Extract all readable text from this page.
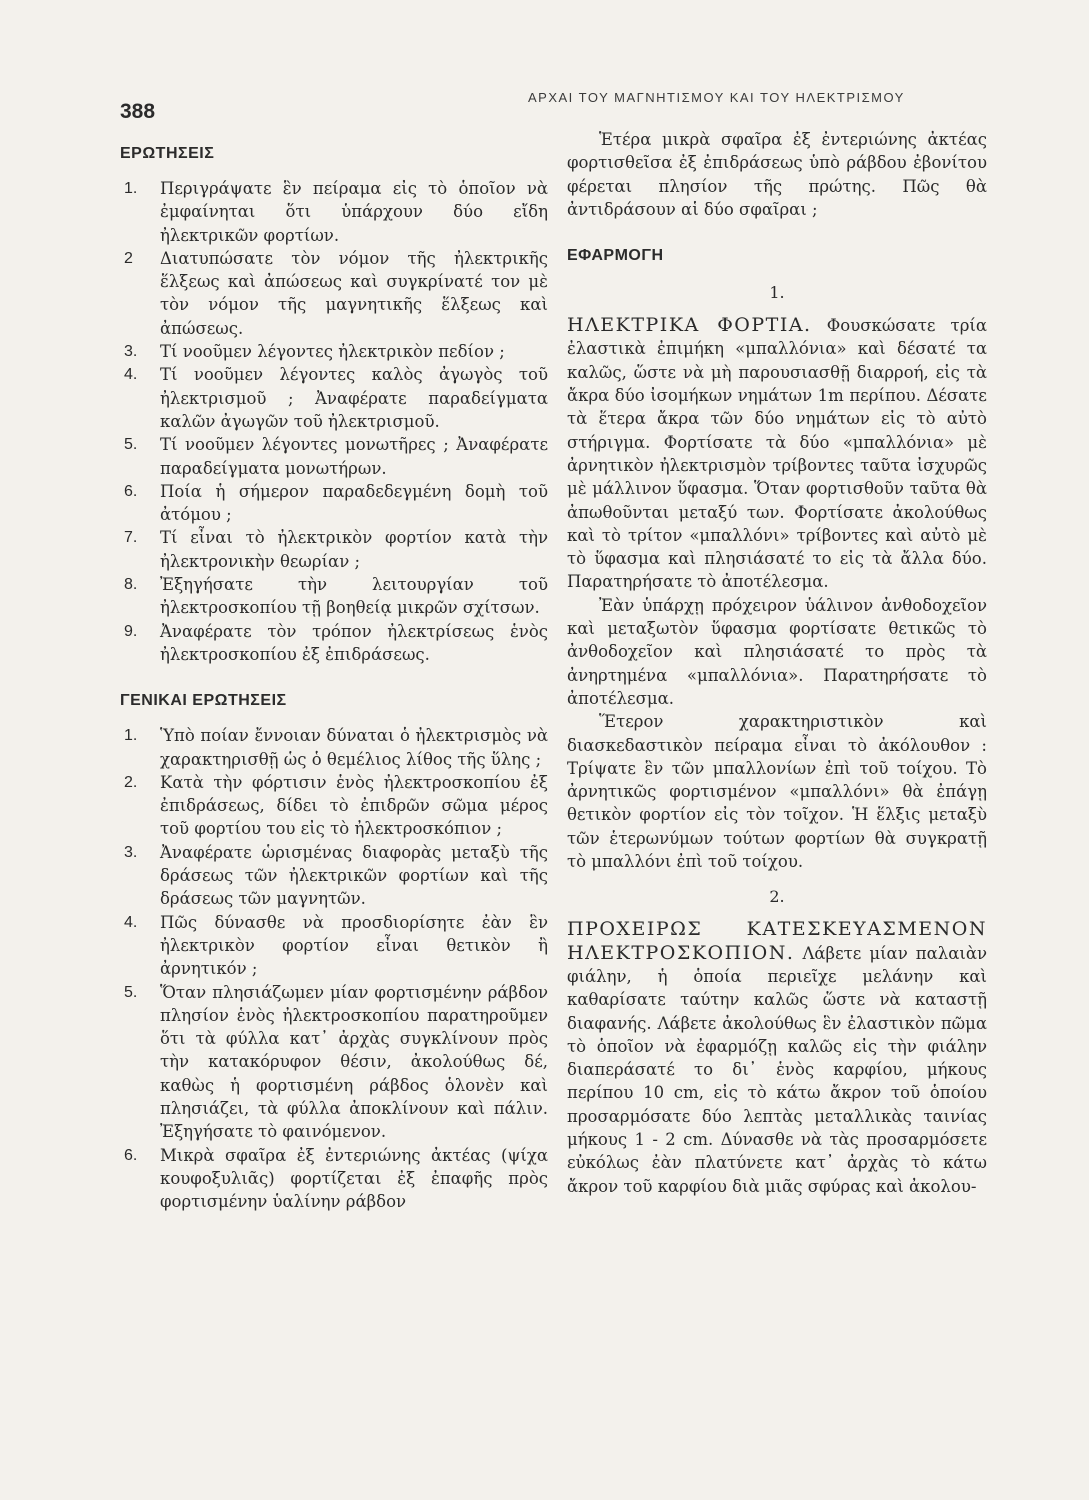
388
ΑΡΧΑΙ ΤΟΥ ΜΑΓΝΗΤΙΣΜΟΥ ΚΑΙ ΤΟΥ ΗΛΕΚΤΡΙΣΜΟΥ
ΕΡΩΤΗΣΕΙΣ

1. Περιγράψατε ἓν πείραμα εἰς τὸ ὁποῖον νὰ ἐμφαίνηται ὅτι ὑπάρχουν δύο εἴδη ἠλεκτρικῶν φορτίων.

2 Διατυπώσατε τὸν νόμον τῆς ἠλεκτρικῆς ἕλξεως καὶ ἀπώσεως καὶ συγκρίνατέ τον μὲ τὸν νόμον τῆς μαγνητικῆς ἕλξεως καὶ ἀπώσεως.

3. Τί νοοῦμεν λέγοντες ἠλεκτρικὸν πεδίον ;

4. Τί νοοῦμεν λέγοντες καλὸς ἀγωγὸς τοῦ ἠλεκτρισμοῦ ; Ἀναφέρατε παραδείγματα καλῶν ἀγωγῶν τοῦ ἠλεκτρισμοῦ.

5. Τί νοοῦμεν λέγοντες μονωτῆρες ; Ἀναφέρατε παραδείγματα μονωτήρων.

6. Ποία ἡ σήμερον παραδεδεγμένη δομὴ τοῦ ἀτόμου ;

7. Τί εἶναι τὸ ἠλεκτρικὸν φορτίον κατὰ τὴν ἠλεκτρονικὴν θεωρίαν ;

8. Ἐξηγήσατε τὴν λειτουργίαν τοῦ ἠλεκτροσκοπίου τῇ βοηθείᾳ μικρῶν σχίτσων.

9. Ἀναφέρατε τὸν τρόπον ἠλεκτρίσεως ἑνὸς ἠλεκτροσκοπίου ἐξ ἐπιδράσεως.

ΓΕΝΙΚΑΙ ΕΡΩΤΗΣΕΙΣ

1. Ὑπὸ ποίαν ἔννοιαν δύναται ὁ ἠλεκτρισμὸς νὰ χαρακτηρισθῇ ὡς ὁ θεμέλιος λίθος τῆς ὕλης ;

2. Κατὰ τὴν φόρτισιν ἑνὸς ἠλεκτροσκοπίου ἐξ ἐπιδράσεως, δίδει τὸ ἐπιδρῶν σῶμα μέρος τοῦ φορτίου του εἰς τὸ ἠλεκτροσκόπιον ;

3. Ἀναφέρατε ὡρισμένας διαφορὰς μεταξὺ τῆς δράσεως τῶν ἠλεκτρικῶν φορτίων καὶ τῆς δράσεως τῶν μαγνητῶν.

4. Πῶς δύνασθε νὰ προσδιορίσητε ἐὰν ἓν ἠλεκτρικὸν φορτίον εἶναι θετικὸν ἢ ἀρνητικόν ;

5. Ὅταν πλησιάζωμεν μίαν φορτισμένην ράβδον πλησίον ἑνὸς ἠλεκτροσκοπίου παρατηροῦμεν ὅτι τὰ φύλλα κατ᾽ ἀρχὰς συγκλίνουν πρὸς τὴν κατακόρυφον θέσιν, ἀκολούθως δέ, καθὼς ἡ φορτισμένη ράβδος ὁλονὲν καὶ πλησιάζει, τὰ φύλλα ἀποκλίνουν καὶ πάλιν. Ἐξηγήσατε τὸ φαινόμενον.

6. Μικρὰ σφαῖρα ἐξ ἐντεριώνης ἀκτέας (ψίχα κουφοξυλιᾶς) φορτίζεται ἐξ ἐπαφῆς πρὸς φορτισμένην ὑαλίνην ράβδον

Ἑτέρα μικρὰ σφαῖρα ἐξ ἐντεριώνης ἀκτέας φορτισθεῖσα ἐξ ἐπιδράσεως ὑπὸ ράβδου ἐβονίτου φέρεται πλησίον τῆς πρώτης. Πῶς θὰ ἀντιδράσουν αἱ δύο σφαῖραι ;

ΕΦΑΡΜΟΓΗ
1.

ΗΛΕΚΤΡΙΚΑ ΦΟΡΤΙΑ. Φουσκώσατε τρία ἐλαστικὰ ἐπιμήκη «μπαλλόνια» καὶ δέσατέ τα καλῶς, ὥστε νὰ μὴ παρουσιασθῇ διαρροή, εἰς τὰ ἄκρα δύο ἰσομήκων νημάτων 1m περίπου. Δέσατε τὰ ἕτερα ἄκρα τῶν δύο νημάτων εἰς τὸ αὐτὸ στήριγμα. Φορτίσατε τὰ δύο «μπαλλόνια» μὲ ἀρνητικὸν ἠλεκτρισμὸν τρίβοντες ταῦτα ἰσχυρῶς μὲ μάλλινον ὕφασμα. Ὅταν φορτισθοῦν ταῦτα θὰ ἀπωθοῦνται μεταξύ των. Φορτίσατε ἀκολούθως καὶ τὸ τρίτον «μπαλλόνι» τρίβοντες καὶ αὐτὸ μὲ τὸ ὕφασμα καὶ πλησιάσατέ το εἰς τὰ ἄλλα δύο. Παρατηρήσατε τὸ ἀποτέλεσμα.

Ἐὰν ὑπάρχῃ πρόχειρον ὑάλινον ἀνθοδοχεῖον καὶ μεταξωτὸν ὕφασμα φορτίσατε θετικῶς τὸ ἀνθοδοχεῖον καὶ πλησιάσατέ το πρὸς τὰ ἀνηρτημένα «μπαλλόνια». Παρατηρήσατε τὸ ἀποτέλεσμα.

Ἕτερον χαρακτηριστικὸν καὶ διασκεδαστικὸν πείραμα εἶναι τὸ ἀκόλουθον : Τρίψατε ἓν τῶν μπαλλονίων ἐπὶ τοῦ τοίχου. Τὸ ἀρνητικῶς φορτισμένον «μπαλλόνι» θὰ ἐπάγῃ θετικὸν φορτίον εἰς τὸν τοῖχον. Ἡ ἕλξις μεταξὺ τῶν ἑτερωνύμων τούτων φορτίων θὰ συγκρατῇ τὸ μπαλλόνι ἐπὶ τοῦ τοίχου.

2.

ΠΡΟΧΕΙΡΩΣ ΚΑΤΕΣΚΕΥΑΣΜΕΝΟΝ ΗΛΕΚΤΡΟΣΚΟΠΙΟΝ. Λάβετε μίαν παλαιὰν φιάλην, ἡ ὁποία περιεῖχε μελάνην καὶ καθαρίσατε ταύτην καλῶς ὥστε νὰ καταστῇ διαφανής. Λάβετε ἀκολούθως ἓν ἐλαστικὸν πῶμα τὸ ὁποῖον νὰ ἐφαρμόζῃ καλῶς εἰς τὴν φιάλην διαπεράσατέ το δι᾽ ἑνὸς καρφίου, μήκους περίπου 10 cm, εἰς τὸ κάτω ἄκρον τοῦ ὁποίου προσαρμόσατε δύο λεπτὰς μεταλλικὰς ταινίας μήκους 1 - 2 cm. Δύνασθε νὰ τὰς προσαρμόσετε εὐκόλως ἐὰν πλατύνετε κατ᾽ ἀρχὰς τὸ κάτω ἄκρον τοῦ καρφίου διὰ μιᾶς σφύρας καὶ ἀκολου-
